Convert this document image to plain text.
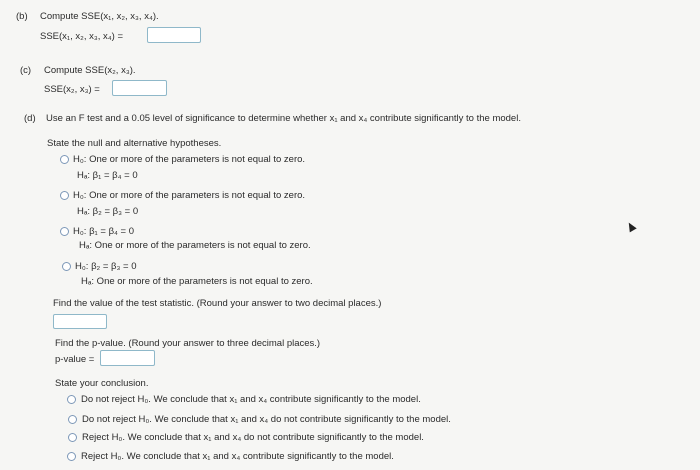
(b) Compute SSE(x₁, x₂, x₃, x₄).
SSE(x₁, x₂, x₃, x₄) =
(c) Compute SSE(x₂, x₃).
SSE(x₂, x₃) =
(d) Use an F test and a 0.05 level of significance to determine whether x₁ and x₄ contribute significantly to the model.
State the null and alternative hypotheses.
H₀: One or more of the parameters is not equal to zero.
Hₐ: β₁ = β₄ = 0
H₀: One or more of the parameters is not equal to zero.
Hₐ: β₂ = β₃ = 0
H₀: β₁ = β₄ = 0
Hₐ: One or more of the parameters is not equal to zero.
H₀: β₂ = β₃ = 0
Hₐ: One or more of the parameters is not equal to zero.
Find the value of the test statistic. (Round your answer to two decimal places.)
Find the p-value. (Round your answer to three decimal places.)
p-value =
State your conclusion.
Do not reject H₀. We conclude that x₁ and x₄ contribute significantly to the model.
Do not reject H₀. We conclude that x₁ and x₄ do not contribute significantly to the model.
Reject H₀. We conclude that x₁ and x₄ do not contribute significantly to the model.
Reject H₀. We conclude that x₁ and x₄ contribute significantly to the model.
